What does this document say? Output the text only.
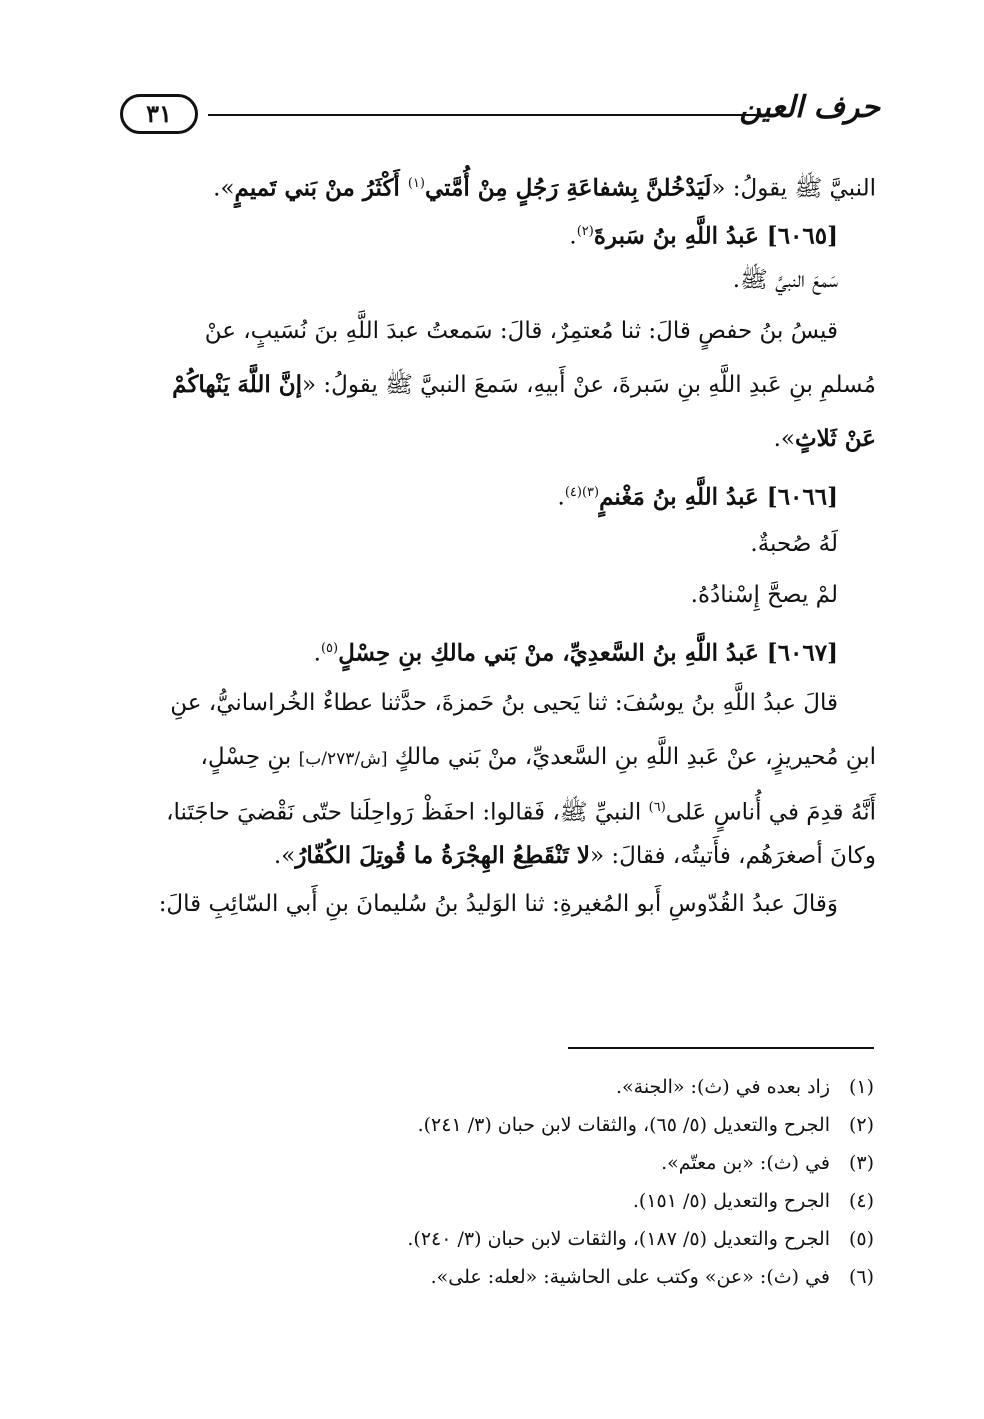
٣١	حرف العين
النبيَّ ﷺ يقولُ: «لَيَدْخُلنَّ بِشفاعَةِ رَجُلٍ مِنْ أُمَّتي$^{(١)}$ أَكْثَرُ منْ بَني تَميمٍ».
[٦٠٦٥] عَبدُ اللَّهِ بنُ سَبرةَ$^{(٢)}$.
سَمعَ النبيَّ ﷺ.
قيسُ بنُ حفصٍ قالَ: ثنا مُعتمِرٌ، قالَ: سَمعتُ عبدَ اللَّهِ بنَ نُسَيبٍ، عنْ
مُسلمِ بنِ عَبدِ اللَّهِ بنِ سَبرةَ، عنْ أَبيهِ، سَمعَ النبيَّ ﷺ يقولُ: «إنَّ اللَّهَ يَنْهاكُمْ
عَنْ ثَلاثٍ».
[٦٠٦٦] عَبدُ اللَّهِ بنُ مَغْنمٍ$^{(٣)(٤)}$.
لَهُ صُحبةٌ.
لمْ يصحَّ إِسْنادُهُ.
[٦٠٦٧] عَبدُ اللَّهِ بنُ السَّعدِيِّ، منْ بَني مالكِ بنِ حِسْلٍ$^{(٥)}$.
قالَ عبدُ اللَّهِ بنُ يوسُفَ: ثنا يَحيى بنُ حَمزةَ، حدَّثنا عطاءٌ الخُراسانيُّ، عنِ
ابنِ مُحيريزٍ، عنْ عَبدِ اللَّهِ بنِ السَّعديِّ، منْ بَني مالكٍ [ش/٢٧٣/ب] بنِ حِسْلٍ،
أَنَّهُ قدِمَ في أُناسٍ عَلى$^{(٦)}$ النبيِّ ﷺ، فَقالوا: احفَظْ رَواحِلَنا حتّى نَقْضيَ حاجَتَنا،
وكانَ أصغرَهُم، فأَتيتُه، فقالَ: «لا تَنْقَطِعُ الهِجْرَةُ ما قُوتِلَ الكُفّارُ».
وَقالَ عبدُ القُدّوسِ أَبو المُغيرةِ: ثنا الوَليدُ بنُ سُليمانَ بنِ أَبي السّائِبِ قالَ:
(١)زاد بعده في (ث): «الجنة».
(٢)الجرح والتعديل (٥/ ٦٥)، والثقات لابن حبان (٣/ ٢٤١).
(٣)في (ث): «بن معتّم».
(٤)الجرح والتعديل (٥/ ١٥١).
(٥)الجرح والتعديل (٥/ ١٨٧)، والثقات لابن حبان (٣/ ٢٤٠).
(٦)في (ث): «عن» وكتب على الحاشية: «لعله: على».
